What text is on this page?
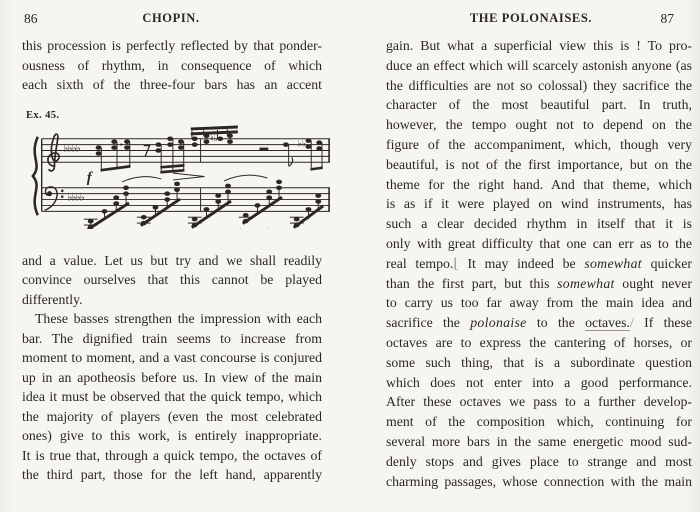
86	CHOPIN.
this procession is perfectly reflected by that ponder-
ousness of rhythm, in consequence of which
each sixth of the three-four bars has an accent
Ex. 45.
♭♭♭♭
♭♭♭♭
f
♮♭	♭♭
and a value. Let us but try and we shall readily
convince ourselves that this cannot be played
differently.
These basses strengthen the impression with each
bar. The dignified train seems to increase from
moment to moment, and a vast concourse is conjured
up in an apotheosis before us. In view of the main
idea it must be observed that the quick tempo, which
the majority of players (even the most celebrated
ones) give to this work, is entirely inappropriate.
It is true that, through a quick tempo, the octaves of
the third part, those for the left hand, apparently
THE POLONAISES.	87
gain. But what a superficial view this is ! To pro-
duce an effect which will scarcely astonish anyone (as
the difficulties are not so colossal) they sacrifice the
character of the most beautiful part. In truth,
however, the tempo ought not to depend on the
figure of the accompaniment, which, though very
beautiful, is not of the first importance, but on the
theme for the right hand. And that theme, which
is as if it were played on wind instruments, has
such a clear decided rhythm in itself that it is
only with great difficulty that one can err as to the
real tempo.⌊ It may indeed be somewhat quicker
than the first part, but this somewhat ought never
to carry us too far away from the main idea and
sacrifice the polonaise to the octaves./ If these
octaves are to express the cantering of horses, or
some such thing, that is a subordinate question
which does not enter into a good performance.
After these octaves we pass to a further develop-
ment of the composition which, continuing for
several more bars in the same energetic mood sud-
denly stops and gives place to strange and most
charming passages, whose connection with the main
